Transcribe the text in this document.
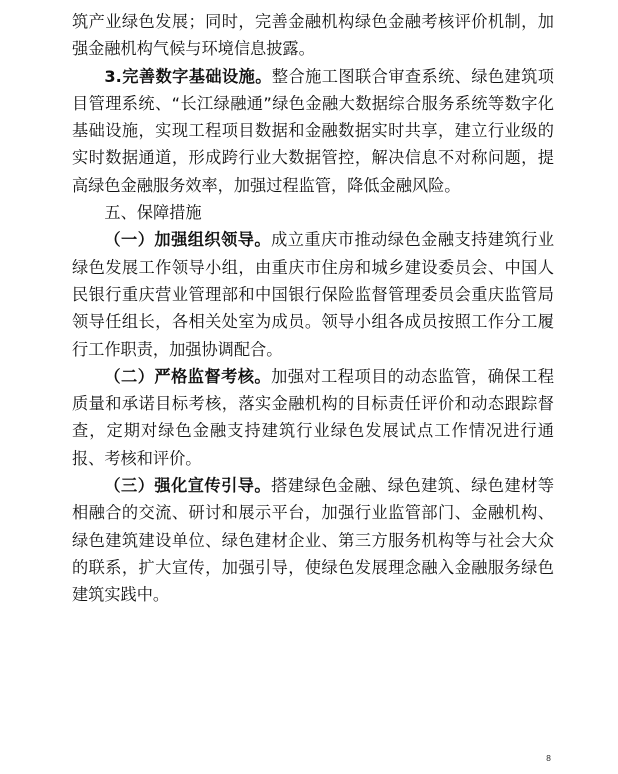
筑产业绿色发展；同时，完善金融机构绿色金融考核评价机制，加强金融机构气候与环境信息披露。

3.完善数字基础设施。整合施工图联合审查系统、绿色建筑项目管理系统、“长江绿融通”绿色金融大数据综合服务系统等数字化基础设施，实现工程项目数据和金融数据实时共享，建立行业级的实时数据通道，形成跨行业大数据管控，解决信息不对称问题，提高绿色金融服务效率，加强过程监管，降低金融风险。

五、保障措施

（一）加强组织领导。成立重庆市推动绿色金融支持建筑行业绿色发展工作领导小组，由重庆市住房和城乡建设委员会、中国人民银行重庆营业管理部和中国银行保险监督管理委员会重庆监管局领导任组长，各相关处室为成员。领导小组各成员按照工作分工履行工作职责，加强协调配合。

（二）严格监督考核。加强对工程项目的动态监管，确保工程质量和承诺目标考核，落实金融机构的目标责任评价和动态跟踪督查，定期对绿色金融支持建筑行业绿色发展试点工作情况进行通报、考核和评价。

（三）强化宣传引导。搭建绿色金融、绿色建筑、绿色建材等相融合的交流、研讨和展示平台，加强行业监管部门、金融机构、绿色建筑建设单位、绿色建材企业、第三方服务机构等与社会大众的联系，扩大宣传，加强引导，使绿色发展理念融入金融服务绿色建筑实践中。

8
